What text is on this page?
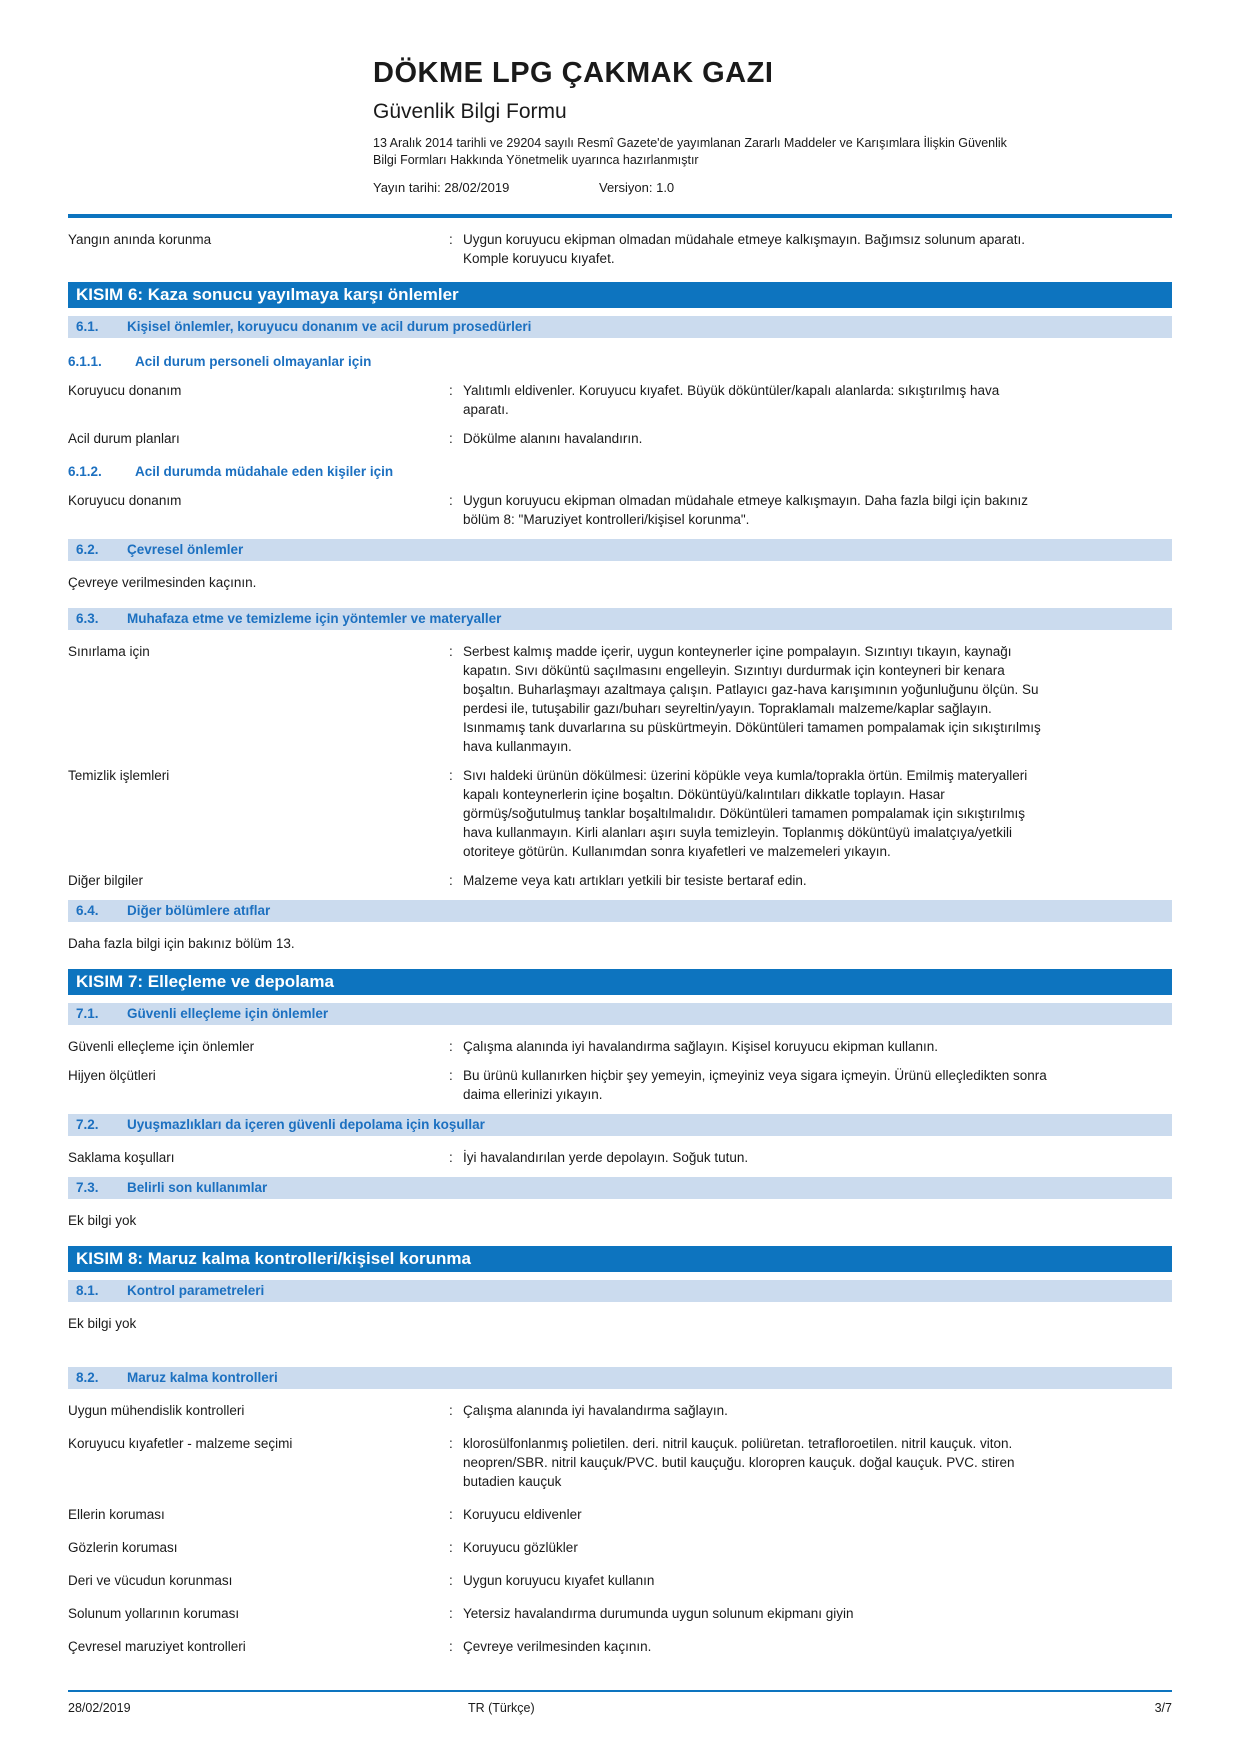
DÖKME LPG ÇAKMAK GAZI
Güvenlik Bilgi Formu

13 Aralık 2014 tarihli ve 29204 sayılı Resmî Gazete'de yayımlanan Zararlı Maddeler ve Karışımlara İlişkin Güvenlik Bilgi Formları Hakkında Yönetmelik uyarınca hazırlanmıştır

Yayın tarihi: 28/02/2019	Versiyon: 1.0
Yangın anında korunma	: Uygun koruyucu ekipman olmadan müdahale etmeye kalkışmayın. Bağımsız solunum aparatı. Komple koruyucu kıyafet.
KISIM 6: Kaza sonucu yayılmaya karşı önlemler
6.1.	Kişisel önlemler, koruyucu donanım ve acil durum prosedürleri
6.1.1.	Acil durum personeli olmayanlar için
Koruyucu donanım	: Yalıtımlı eldivenler. Koruyucu kıyafet. Büyük döküntüler/kapalı alanlarda: sıkıştırılmış hava aparatı.
Acil durum planları	: Dökülme alanını havalandırın.
6.1.2.	Acil durumda müdahale eden kişiler için
Koruyucu donanım	: Uygun koruyucu ekipman olmadan müdahale etmeye kalkışmayın. Daha fazla bilgi için bakınız bölüm 8: "Maruziyet kontrolleri/kişisel korunma".
6.2.	Çevresel önlemler

Çevreye verilmesinden kaçının.

6.3.	Muhafaza etme ve temizleme için yöntemler ve materyaller
Sınırlama için	: Serbest kalmış madde içerir, uygun konteynerler içine pompalayın. Sızıntıyı tıkayın, kaynağı kapatın. Sıvı döküntü saçılmasını engelleyin. Sızıntıyı durdurmak için konteyneri bir kenara boşaltın. Buharlaşmayı azaltmaya çalışın. Patlayıcı gaz-hava karışımının yoğunluğunu ölçün. Su perdesi ile, tutuşabilir gazı/buharı seyreltin/yayın. Topraklamalı malzeme/kaplar sağlayın. Isınmamış tank duvarlarına su püskürtmeyin. Döküntüleri tamamen pompalamak için sıkıştırılmış hava kullanmayın.
Temizlik işlemleri	: Sıvı haldeki ürünün dökülmesi: üzerini köpükle veya kumla/toprakla örtün. Emilmiş materyalleri kapalı konteynerlerin içine boşaltın. Döküntüyü/kalıntıları dikkatle toplayın. Hasar görmüş/soğutulmuş tanklar boşaltılmalıdır. Döküntüleri tamamen pompalamak için sıkıştırılmış hava kullanmayın. Kirli alanları aşırı suyla temizleyin. Toplanmış döküntüyü imalatçıya/yetkili otoriteye götürün. Kullanımdan sonra kıyafetleri ve malzemeleri yıkayın.
Diğer bilgiler	: Malzeme veya katı artıkları yetkili bir tesiste bertaraf edin.
6.4.	Diğer bölümlere atıflar

Daha fazla bilgi için bakınız bölüm 13.

KISIM 7: Elleçleme ve depolama
7.1.	Güvenli elleçleme için önlemler
Güvenli elleçleme için önlemler	: Çalışma alanında iyi havalandırma sağlayın. Kişisel koruyucu ekipman kullanın.
Hijyen ölçütleri	: Bu ürünü kullanırken hiçbir şey yemeyin, içmeyiniz veya sigara içmeyin. Ürünü elleçledikten sonra daima ellerinizi yıkayın.
7.2.	Uyuşmazlıkları da içeren güvenli depolama için koşullar
Saklama koşulları	: İyi havalandırılan yerde depolayın. Soğuk tutun.
7.3.	Belirli son kullanımlar

Ek bilgi yok

KISIM 8: Maruz kalma kontrolleri/kişisel korunma
8.1.	Kontrol parametreleri

Ek bilgi yok

8.2.	Maruz kalma kontrolleri
Uygun mühendislik kontrolleri	: Çalışma alanında iyi havalandırma sağlayın.
Koruyucu kıyafetler - malzeme seçimi	: klorosülfonlanmış polietilen. deri. nitril kauçuk. poliüretan. tetrafloroetilen. nitril kauçuk. viton. neopren/SBR. nitril kauçuk/PVC. butil kauçuğu. kloropren kauçuk. doğal kauçuk. PVC. stiren butadien kauçuk
Ellerin koruması	: Koruyucu eldivenler
Gözlerin koruması	: Koruyucu gözlükler
Deri ve vücudun korunması	: Uygun koruyucu kıyafet kullanın
Solunum yollarının koruması	: Yetersiz havalandırma durumunda uygun solunum ekipmanı giyin
Çevresel maruziyet kontrolleri	: Çevreye verilmesinden kaçının.
28/02/2019	TR (Türkçe)	3/7
